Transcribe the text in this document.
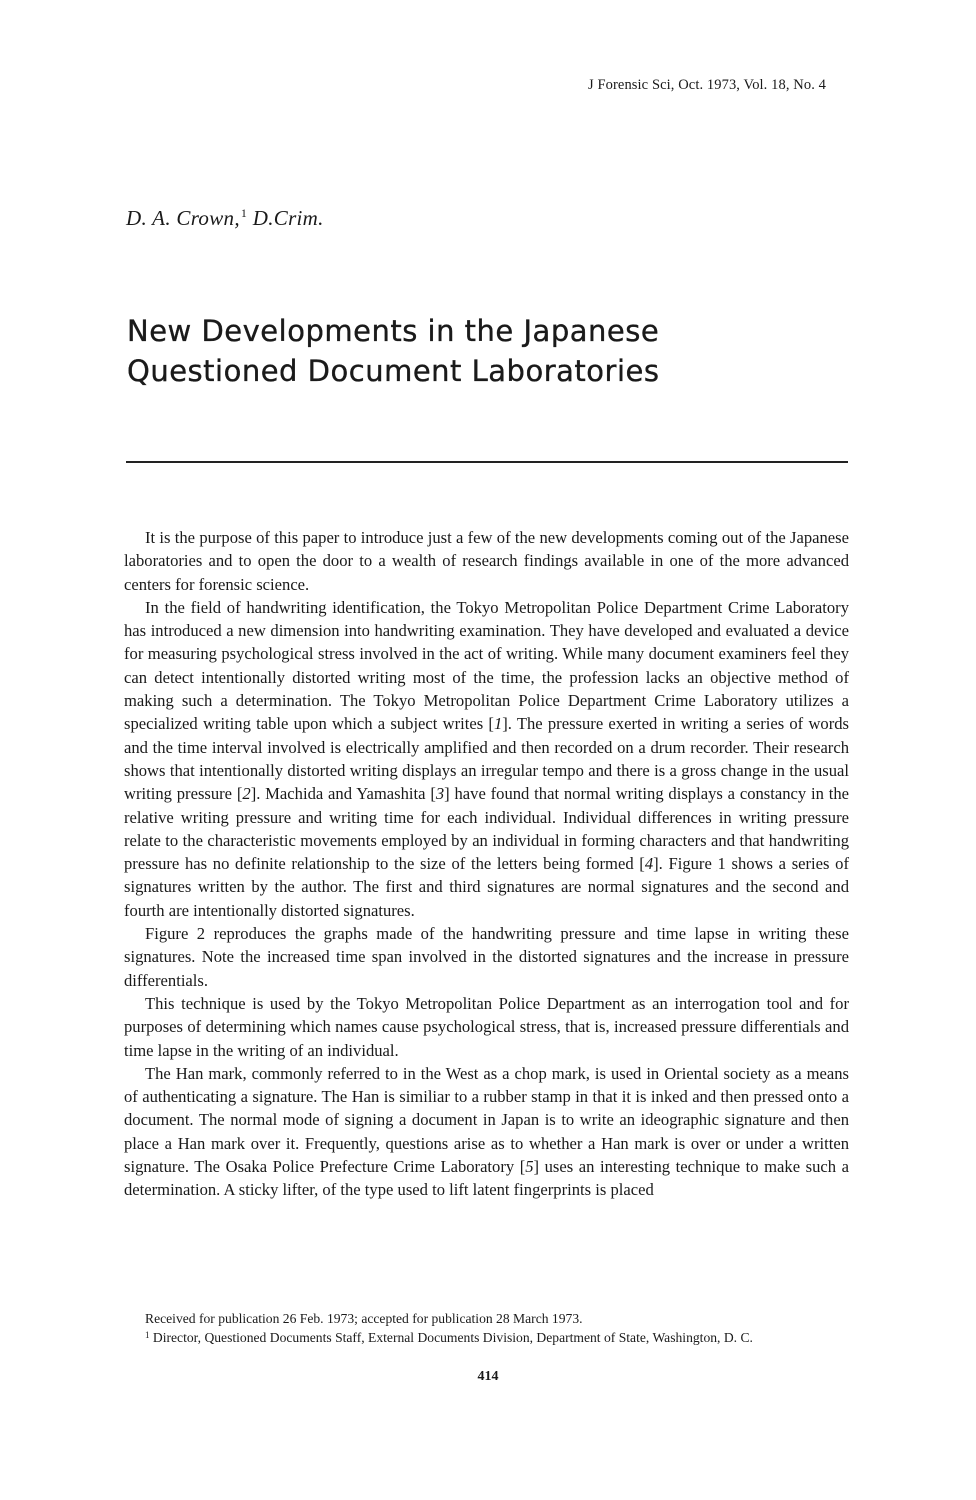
J Forensic Sci, Oct. 1973, Vol. 18, No. 4
D. A. Crown,$^1$ D.Crim.
New Developments in the Japanese
Questioned Document Laboratories

It is the purpose of this paper to introduce just a few of the new developments coming out of the Japanese laboratories and to open the door to a wealth of research findings available in one of the more advanced centers for forensic science.

In the field of handwriting identification, the Tokyo Metropolitan Police Department Crime Laboratory has introduced a new dimension into handwriting examination. They have developed and evaluated a device for measuring psychological stress involved in the act of writing. While many document examiners feel they can detect intentionally distorted writing most of the time, the profession lacks an objective method of making such a determination. The Tokyo Metropolitan Police Department Crime Laboratory utilizes a specialized writing table upon which a subject writes [1]. The pressure exerted in writing a series of words and the time interval involved is electrically amplified and then recorded on a drum recorder. Their research shows that intentionally distorted writing displays an irregular tempo and there is a gross change in the usual writing pressure [2]. Machida and Yamashita [3] have found that normal writing displays a constancy in the relative writing pressure and writing time for each individual. Individual differences in writing pressure relate to the characteristic movements employed by an individual in forming characters and that handwriting pressure has no definite relationship to the size of the letters being formed [4]. Figure 1 shows a series of signatures written by the author. The first and third signatures are normal signatures and the second and fourth are intentionally distorted signatures.

Figure 2 reproduces the graphs made of the handwriting pressure and time lapse in writing these signatures. Note the increased time span involved in the distorted signatures and the increase in pressure differentials.

This technique is used by the Tokyo Metropolitan Police Department as an interrogation tool and for purposes of determining which names cause psychological stress, that is, increased pressure differentials and time lapse in the writing of an individual.

The Han mark, commonly referred to in the West as a chop mark, is used in Oriental society as a means of authenticating a signature. The Han is similiar to a rubber stamp in that it is inked and then pressed onto a document. The normal mode of signing a document in Japan is to write an ideographic signature and then place a Han mark over it. Frequently, questions arise as to whether a Han mark is over or under a written signature. The Osaka Police Prefecture Crime Laboratory [5] uses an interesting technique to make such a determination. A sticky lifter, of the type used to lift latent fingerprints is placed

Received for publication 26 Feb. 1973; accepted for publication 28 March 1973.

$^1$ Director, Questioned Documents Staff, External Documents Division, Department of State, Washington, D. C.

414
